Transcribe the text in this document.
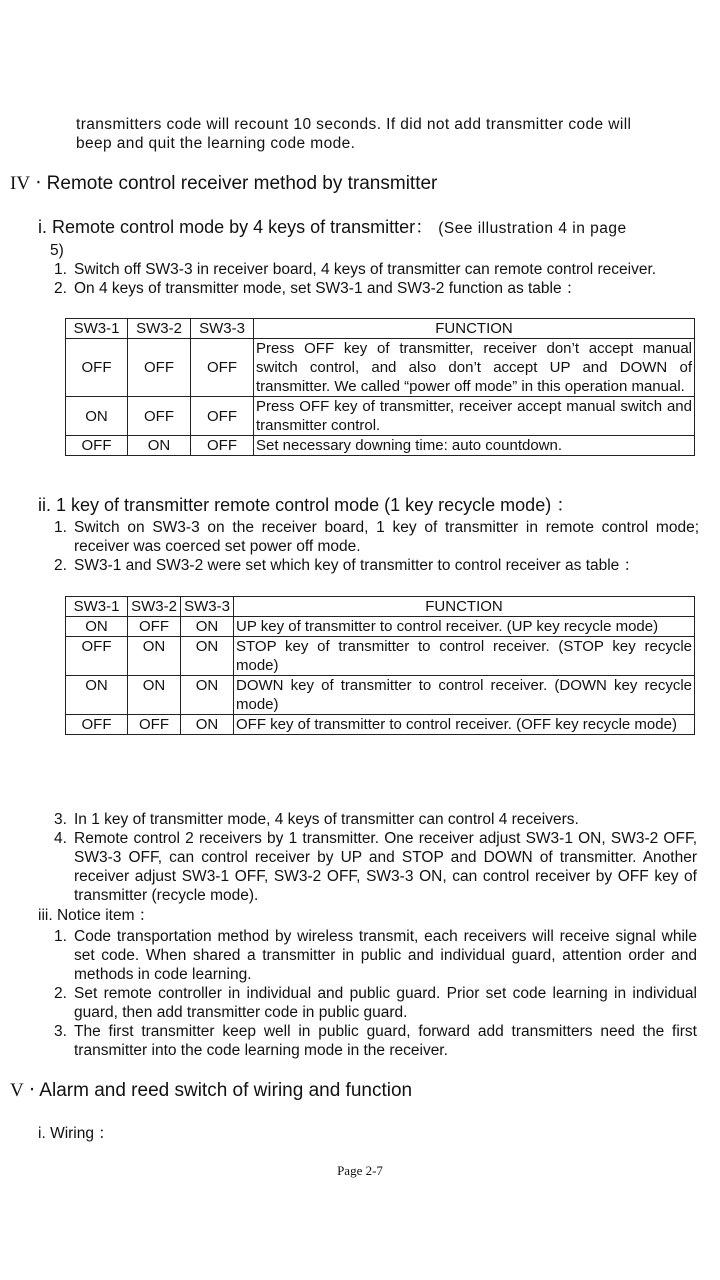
transmitters code will recount 10 seconds. If did not add transmitter code will
beep and quit the learning code mode.
IV ‧ Remote control receiver method by transmitter
i. Remote control mode by 4 keys of transmitter： (See illustration 4 in page
5)
1. Switch off SW3-3 in receiver board, 4 keys of transmitter can remote control receiver.
2. On 4 keys of transmitter mode, set SW3-1 and SW3-2 function as table ：
SW3-1	SW3-2	SW3-3	FUNCTION
OFF	OFF	OFF	Press OFF key of transmitter, receiver don’t accept manual switch control, and also don’t accept UP and DOWN of transmitter. We called “power off mode” in this operation manual.
ON	OFF	OFF	Press OFF key of transmitter, receiver accept manual switch and transmitter control.
OFF	ON	OFF	Set necessary downing time: auto countdown.
ii. 1 key of transmitter remote control mode (1 key recycle mode) ：
1. Switch on SW3-3 on the receiver board, 1 key of transmitter in remote control mode; receiver was coerced set power off mode.
2. SW3-1 and SW3-2 were set which key of transmitter to control receiver as table ：
SW3-1	SW3-2	SW3-3	FUNCTION
ON	OFF	ON	UP key of transmitter to control receiver. (UP key recycle mode)
OFF	ON	ON	STOP key of transmitter to control receiver. (STOP key recycle mode)
ON	ON	ON	DOWN key of transmitter to control receiver. (DOWN key recycle mode)
OFF	OFF	ON	OFF key of transmitter to control receiver. (OFF key recycle mode)
3. In 1 key of transmitter mode, 4 keys of transmitter can control 4 receivers.
4. Remote control 2 receivers by 1 transmitter. One receiver adjust SW3-1 ON, SW3-2 OFF, SW3-3 OFF, can control receiver by UP and STOP and DOWN of transmitter. Another receiver adjust SW3-1 OFF, SW3-2 OFF, SW3-3 ON, can control receiver by OFF key of transmitter (recycle mode).
iii. Notice item ：
1. Code transportation method by wireless transmit, each receivers will receive signal while set code. When shared a transmitter in public and individual guard, attention order and methods in code learning.
2. Set remote controller in individual and public guard. Prior set code learning in individual guard, then add transmitter code in public guard.
3. The first transmitter keep well in public guard, forward add transmitters need the first transmitter into the code learning mode in the receiver.
V ‧ Alarm and reed switch of wiring and function
i. Wiring ：
Page 2-7
